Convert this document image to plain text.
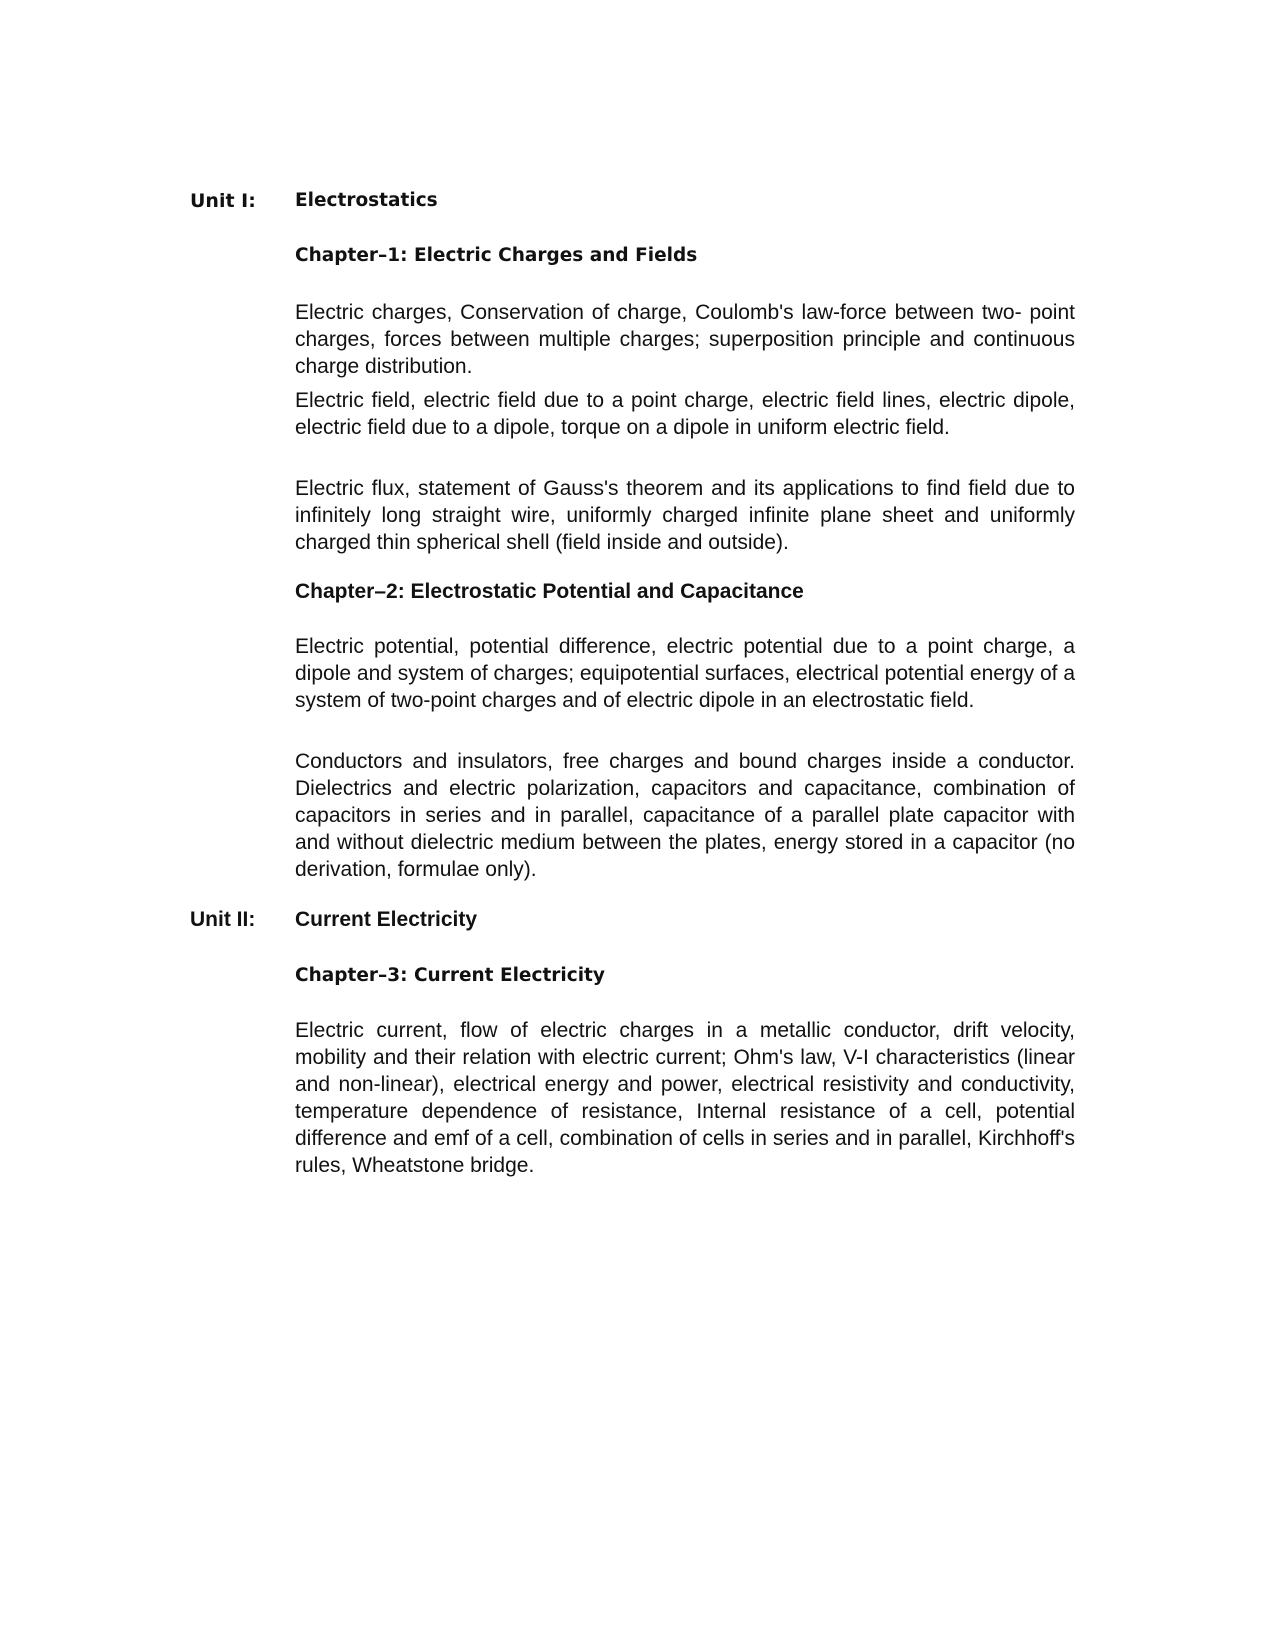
Unit I: Electrostatics
Chapter–1: Electric Charges and Fields

Electric charges, Conservation of charge, Coulomb's law-force between two- point charges, forces between multiple charges; superposition principle and continuous charge distribution.

Electric field, electric field due to a point charge, electric field lines, electric dipole, electric field due to a dipole, torque on a dipole in uniform electric field.

Electric flux, statement of Gauss's theorem and its applications to find field due to infinitely long straight wire, uniformly charged infinite plane sheet and uniformly charged thin spherical shell (field inside and outside).

Chapter–2: Electrostatic Potential and Capacitance

Electric potential, potential difference, electric potential due to a point charge, a dipole and system of charges; equipotential surfaces, electrical potential energy of a system of two-point charges and of electric dipole in an electrostatic field.

Conductors and insulators, free charges and bound charges inside a conductor. Dielectrics and electric polarization, capacitors and capacitance, combination of capacitors in series and in parallel, capacitance of a parallel plate capacitor with and without dielectric medium between the plates, energy stored in a capacitor (no derivation, formulae only).

Unit II: Current Electricity
Chapter–3: Current Electricity

Electric current, flow of electric charges in a metallic conductor, drift velocity, mobility and their relation with electric current; Ohm's law, V-I characteristics (linear and non-linear), electrical energy and power, electrical resistivity and conductivity, temperature dependence of resistance, Internal resistance of a cell, potential difference and emf of a cell, combination of cells in series and in parallel, Kirchhoff's rules, Wheatstone bridge.
